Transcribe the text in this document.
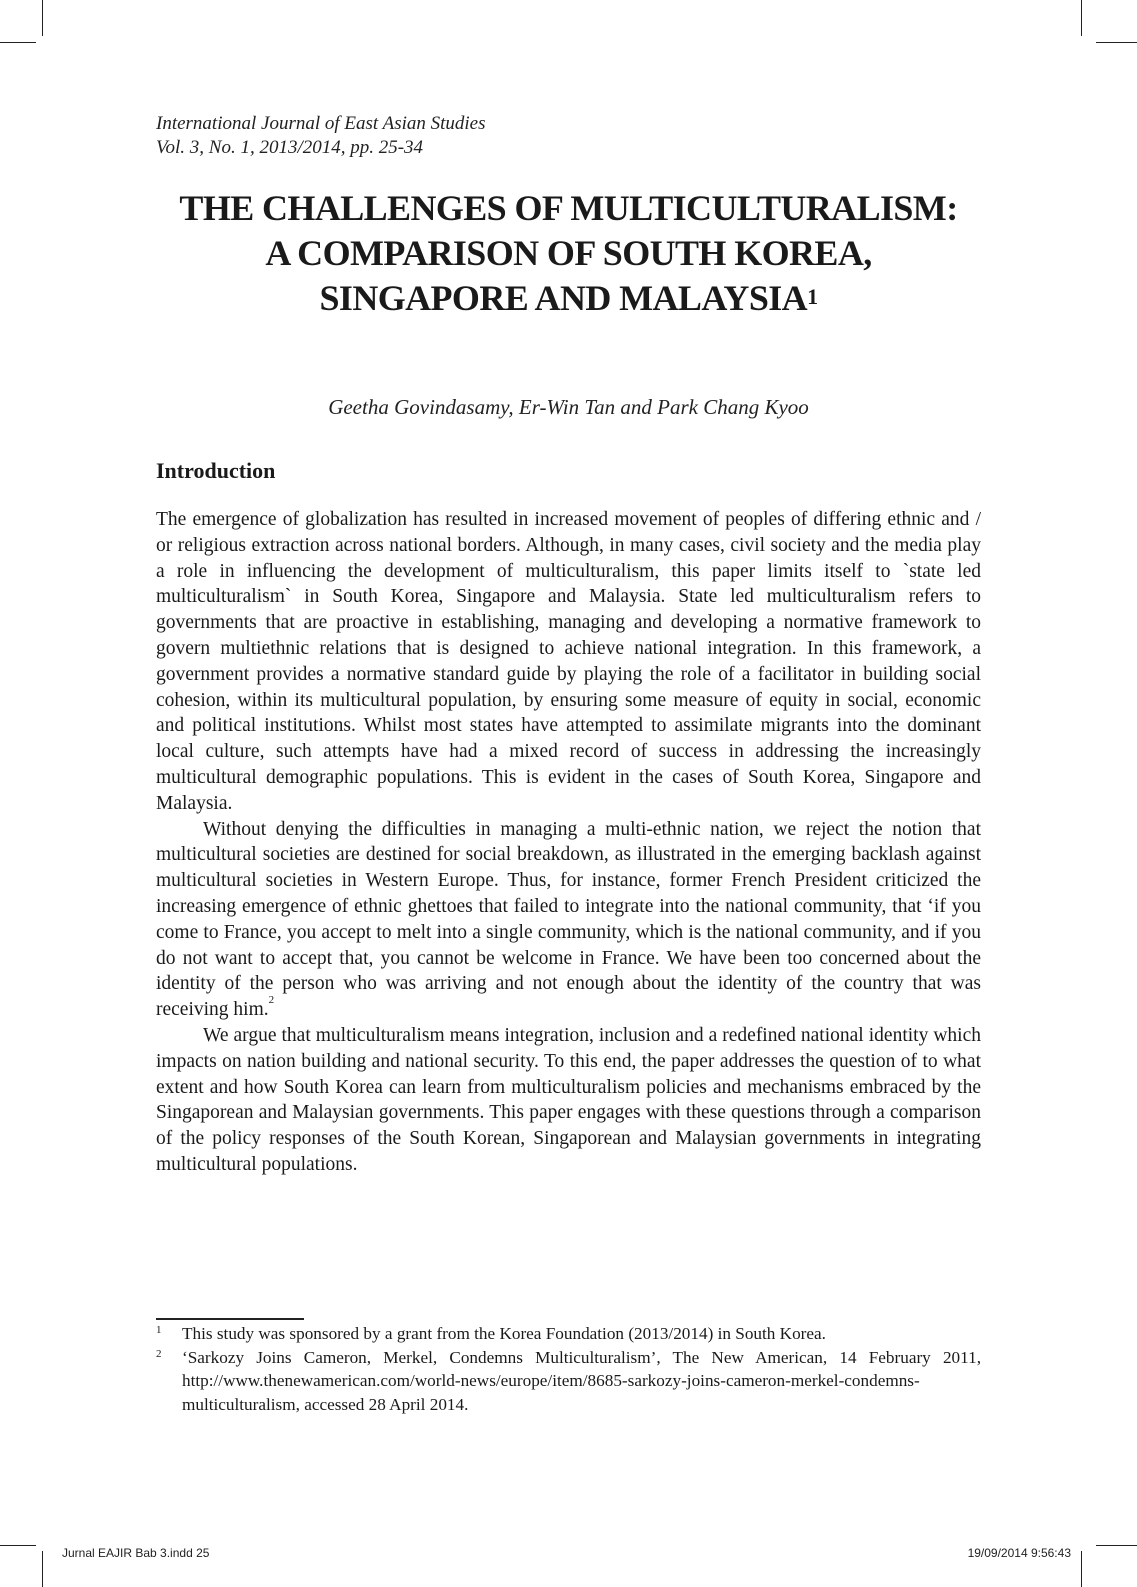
International Journal of East Asian Studies
Vol. 3, No. 1, 2013/2014, pp. 25-34
THE CHALLENGES OF MULTICULTURALISM:
A COMPARISON OF SOUTH KOREA,
SINGAPORE AND MALAYSIA$^1$
Geetha Govindasamy, Er-Win Tan and Park Chang Kyoo
Introduction

The emergence of globalization has resulted in increased movement of peoples of differing ethnic and / or religious extraction across national borders. Although, in many cases, civil society and the media play a role in influencing the development of multiculturalism, this paper limits itself to `state led multiculturalism` in South Korea, Singapore and Malaysia. State led multiculturalism refers to governments that are proactive in establishing, managing and developing a normative framework to govern multiethnic relations that is designed to achieve national integration. In this framework, a government provides a normative standard guide by playing the role of a facilitator in building social cohesion, within its multicultural population, by ensuring some measure of equity in social, economic and political institutions. Whilst most states have attempted to assimilate migrants into the dominant local culture, such attempts have had a mixed record of success in addressing the increasingly multicultural demographic populations. This is evident in the cases of South Korea, Singapore and Malaysia.

Without denying the difficulties in managing a multi-ethnic nation, we reject the notion that multicultural societies are destined for social breakdown, as illustrated in the emerging backlash against multicultural societies in Western Europe. Thus, for instance, former French President criticized the increasing emergence of ethnic ghettoes that failed to integrate into the national community, that ‘if you come to France, you accept to melt into a single community, which is the national community, and if you do not want to accept that, you cannot be welcome in France. We have been too concerned about the identity of the person who was arriving and not enough about the identity of the country that was receiving him.$^2$

We argue that multiculturalism means integration, inclusion and a redefined national identity which impacts on nation building and national security. To this end, the paper addresses the question of to what extent and how South Korea can learn from multiculturalism policies and mechanisms embraced by the Singaporean and Malaysian governments. This paper engages with these questions through a comparison of the policy responses of the South Korean, Singaporean and Malaysian governments in integrating multicultural populations.

1 This study was sponsored by a grant from the Korea Foundation (2013/2014) in South Korea.
2 ‘Sarkozy Joins Cameron, Merkel, Condemns Multiculturalism’, The New American, 14 February 2011, http://www.thenewamerican.com/world-news/europe/item/8685-sarkozy-joins-cameron-merkel-condemns-multiculturalism, accessed 28 April 2014.
Jurnal EAJIR Bab 3.indd 25	19/09/2014 9:56:43
